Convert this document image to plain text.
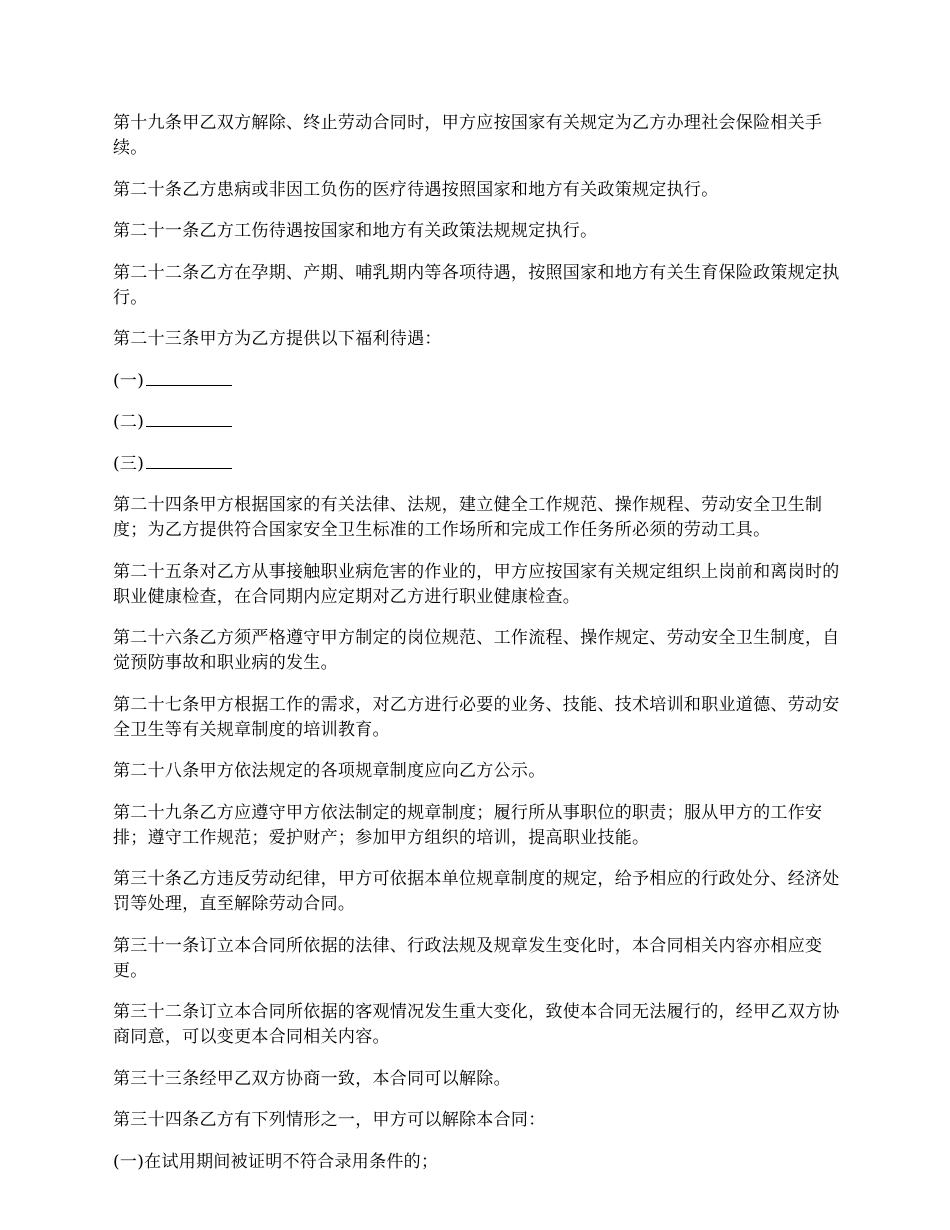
第十九条甲乙双方解除、终止劳动合同时，甲方应按国家有关规定为乙方办理社会保险相关手续。

第二十条乙方患病或非因工负伤的医疗待遇按照国家和地方有关政策规定执行。

第二十一条乙方工伤待遇按国家和地方有关政策法规规定执行。

第二十二条乙方在孕期、产期、哺乳期内等各项待遇，按照国家和地方有关生育保险政策规定执行。

第二十三条甲方为乙方提供以下福利待遇：

(一)

(二)

(三)

第二十四条甲方根据国家的有关法律、法规，建立健全工作规范、操作规程、劳动安全卫生制度；为乙方提供符合国家安全卫生标准的工作场所和完成工作任务所必须的劳动工具。

第二十五条对乙方从事接触职业病危害的作业的，甲方应按国家有关规定组织上岗前和离岗时的职业健康检查，在合同期内应定期对乙方进行职业健康检查。

第二十六条乙方须严格遵守甲方制定的岗位规范、工作流程、操作规定、劳动安全卫生制度，自觉预防事故和职业病的发生。

第二十七条甲方根据工作的需求，对乙方进行必要的业务、技能、技术培训和职业道德、劳动安全卫生等有关规章制度的培训教育。

第二十八条甲方依法规定的各项规章制度应向乙方公示。

第二十九条乙方应遵守甲方依法制定的规章制度；履行所从事职位的职责；服从甲方的工作安排；遵守工作规范；爱护财产；参加甲方组织的培训，提高职业技能。

第三十条乙方违反劳动纪律，甲方可依据本单位规章制度的规定，给予相应的行政处分、经济处罚等处理，直至解除劳动合同。

第三十一条订立本合同所依据的法律、行政法规及规章发生变化时，本合同相关内容亦相应变更。

第三十二条订立本合同所依据的客观情况发生重大变化，致使本合同无法履行的，经甲乙双方协商同意，可以变更本合同相关内容。

第三十三条经甲乙双方协商一致，本合同可以解除。

第三十四条乙方有下列情形之一，甲方可以解除本合同：

(一)在试用期间被证明不符合录用条件的；
